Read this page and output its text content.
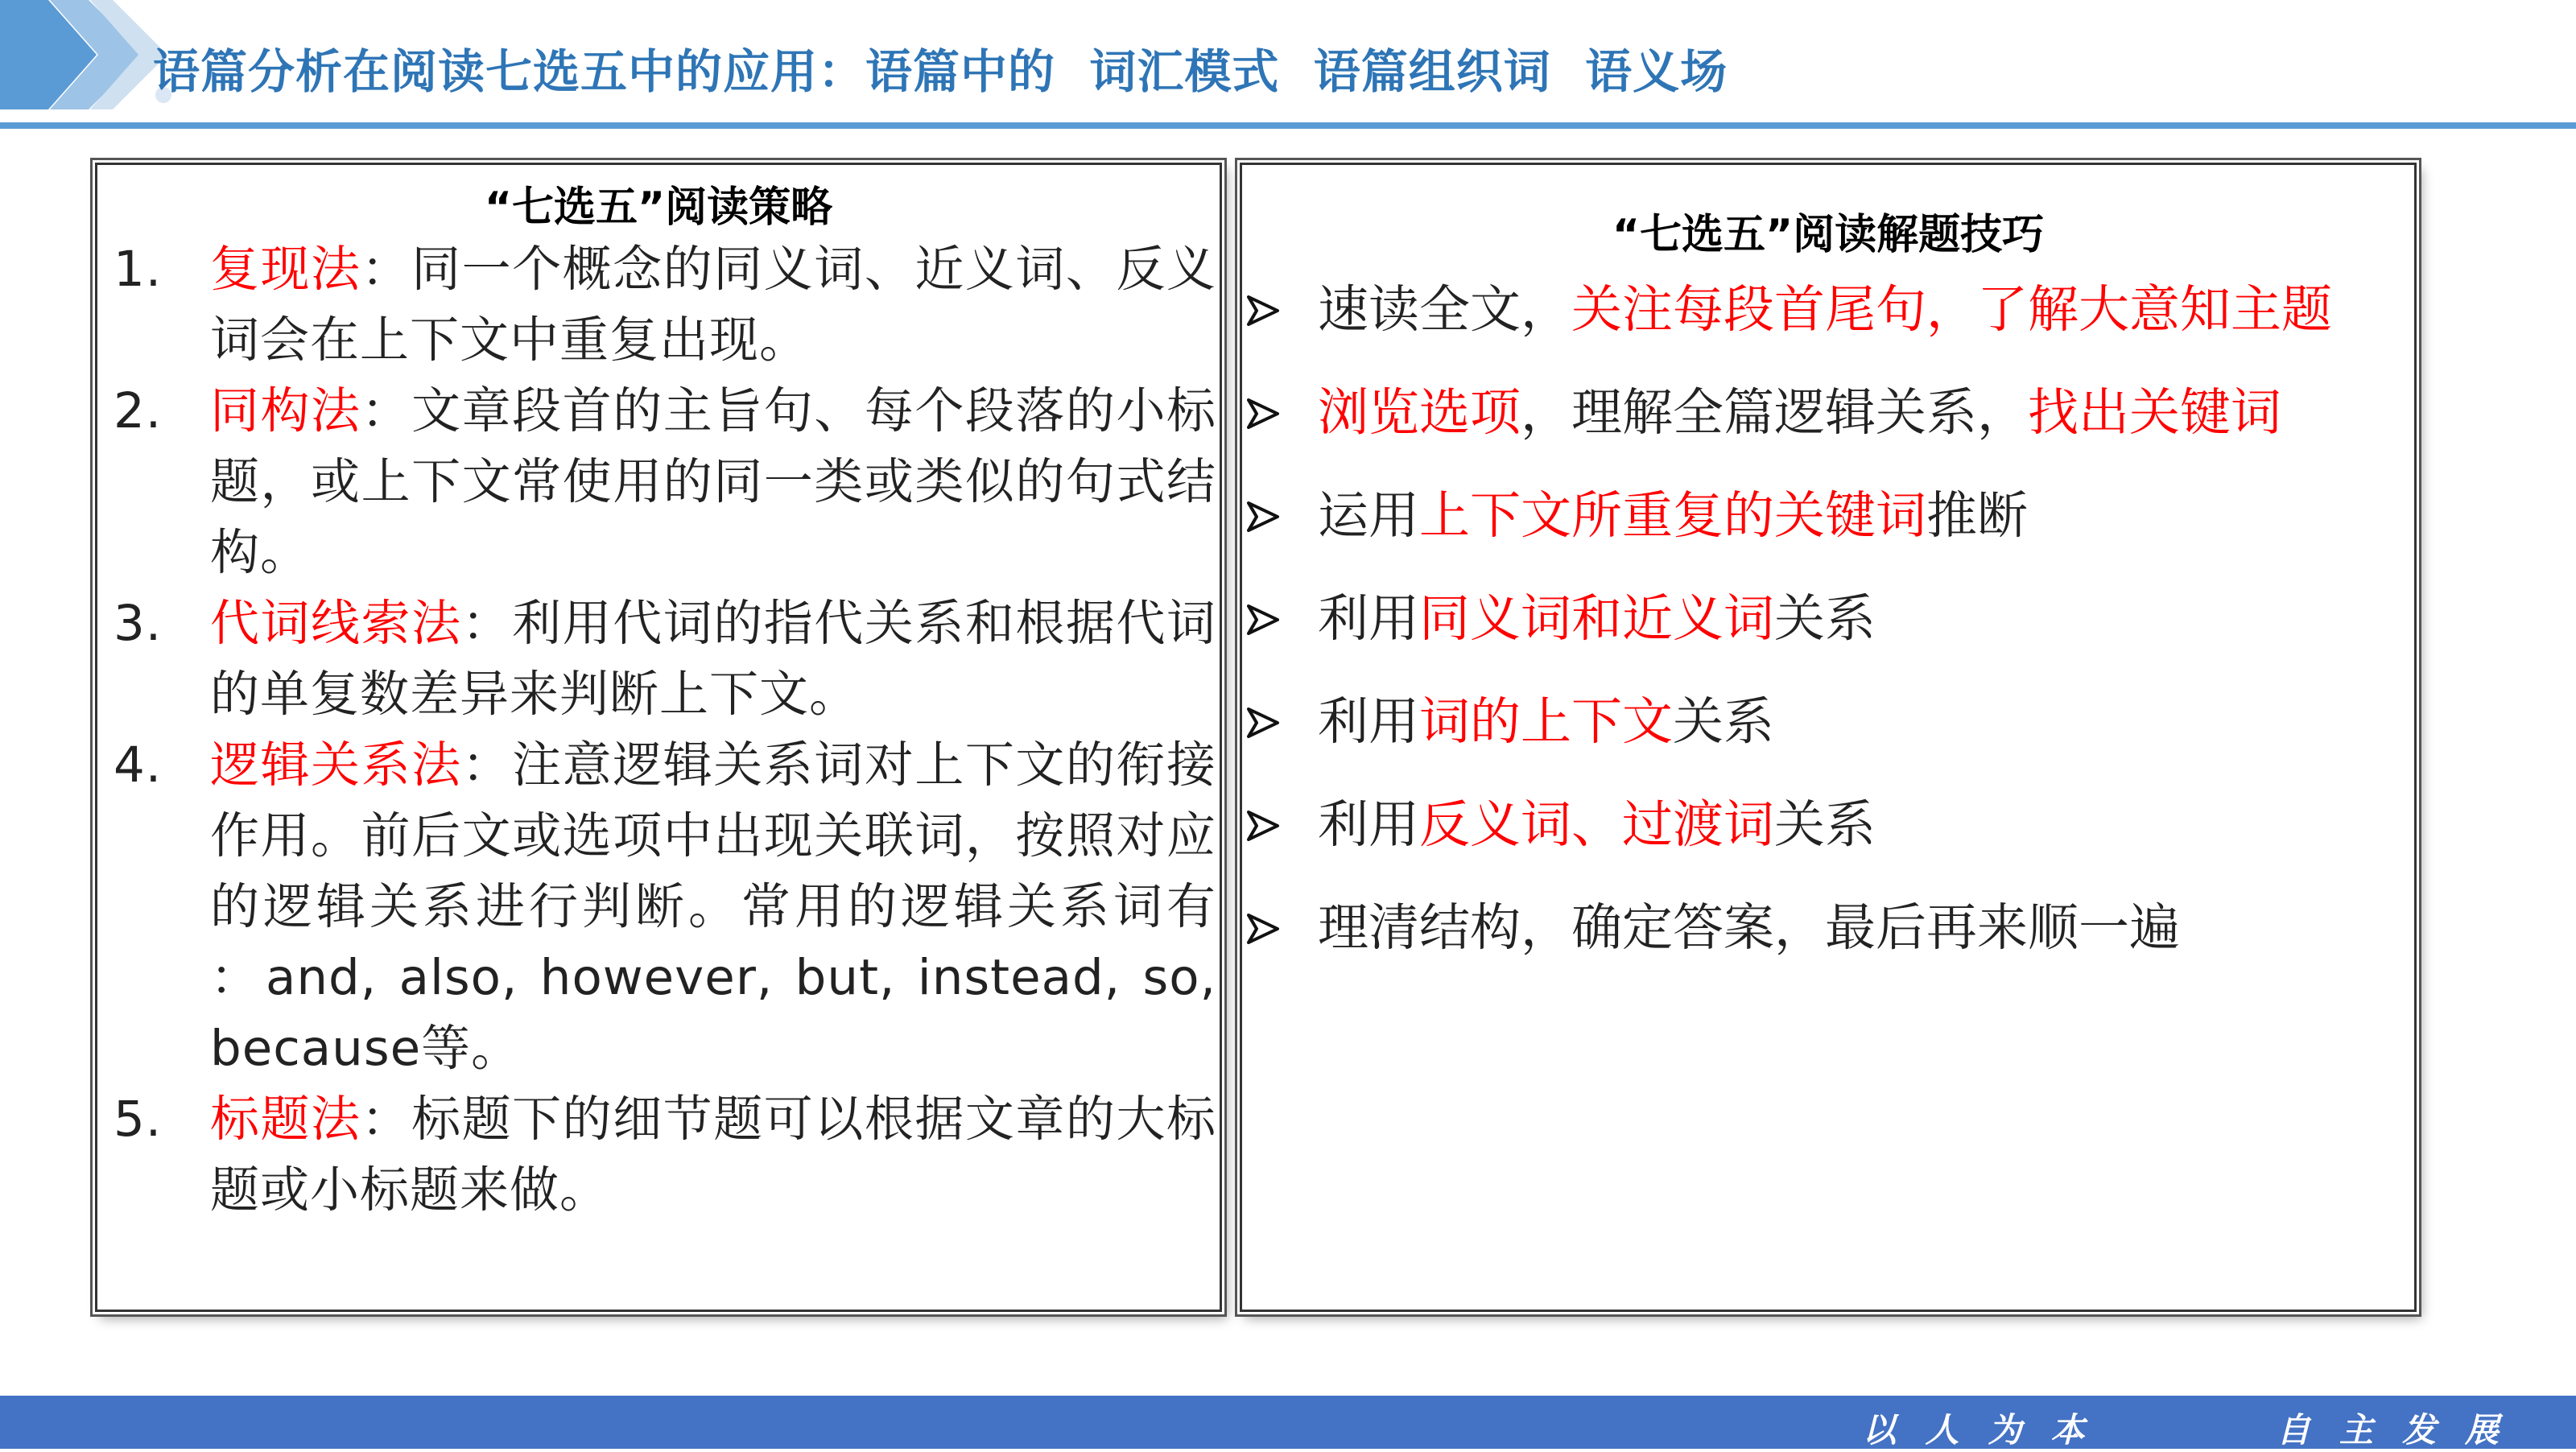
语篇分析在阅读七选五中的应用：语篇中的  词汇模式  语篇组织词  语义场
“七选五”阅读策略
1. 复现法：同一个概念的同义词、近义词、反义词会在上下文中重复出现。
2. 同构法：文章段首的主旨句、每个段落的小标题，或上下文常使用的同一类或类似的句式结构。
3. 代词线索法：利用代词的指代关系和根据代词的单复数差异来判断上下文。
4. 逻辑关系法：注意逻辑关系词对上下文的衔接作用。前后文或选项中出现关联词，按照对应的逻辑关系进行判断。常用的逻辑关系词有 ：and, also, however, but, instead, so, because等。
5. 标题法：标题下的细节题可以根据文章的大标题或小标题来做。
“七选五”阅读解题技巧
速读全文，关注每段首尾句，了解大意知主题
浏览选项，理解全篇逻辑关系，找出关键词
运用上下文所重复的关键词推断
利用同义词和近义词关系
利用词的上下文关系
利用反义词、过渡词关系
理清结构，确定答案，最后再来顺一遍

以人为本    自主发展
